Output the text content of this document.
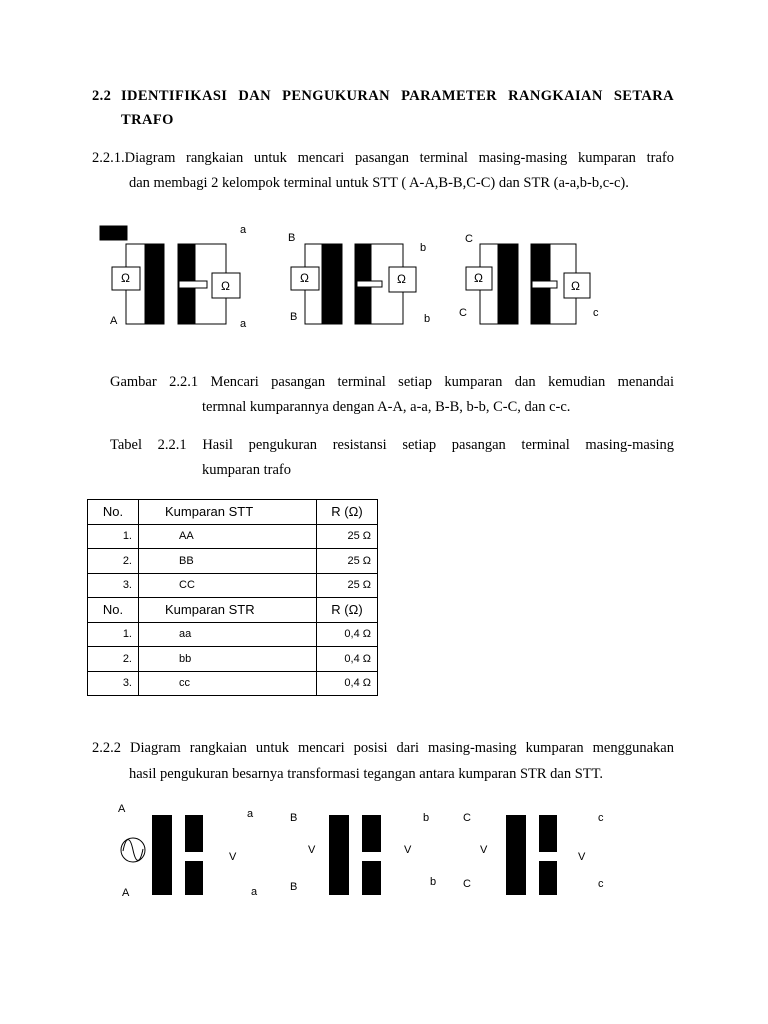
2.2 IDENTIFIKASI DAN PENGUKURAN PARAMETER RANGKAIAN SETARA
TRAFO
2.2.1.Diagram rangkaian untuk mencari pasangan terminal masing-masing kumparan trafo
dan membagi 2 kelompok terminal untuk STT ( A-A,B-B,C-C) dan STR (a-a,b-b,c-c).
Ω
Ω
Ω	Ω	Ω
Ω
A
a
a
B
B
b
b
C
C	c
Gambar 2.2.1 Mencari pasangan terminal setiap kumparan dan kemudian menandai
termnal kumparannya dengan A-A, a-a, B-B, b-b, C-C, dan c-c.
Tabel 2.2.1 Hasil pengukuran resistansi setiap pasangan terminal masing-masing
kumparan trafo
No.	Kumparan STT	R (Ω)
1.	AA	25 Ω
2.	BB	25 Ω
3.	CC	25 Ω
No.	Kumparan STR	R (Ω)
1.	aa	0,4 Ω
2.	bb	0,4 Ω
3.	cc	0,4 Ω
2.2.2 Diagram rangkaian untuk mencari posisi dari masing-masing kumparan menggunakan
hasil pengukuran besarnya transformasi tegangan antara kumparan STR dan STT.
A
A
a
a
V
B
B
V
b
b
V
C
C
V
c
c
V
